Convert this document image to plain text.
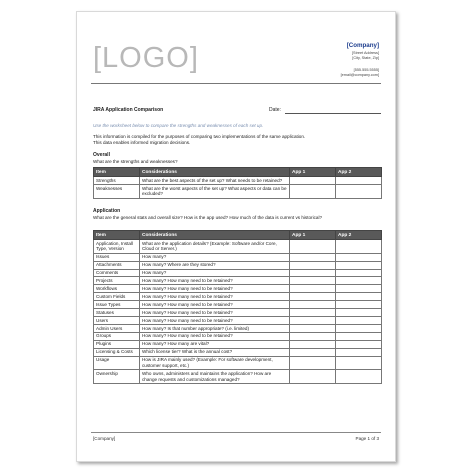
[LOGO]	[Company]
[Street Address]
[City, State, Zip]
[555.555.5555]
[email@company.com]
JIRA Application Comparison	Date:
Use the worksheet below to compare the strengths and weaknesses of each set up.
This information is compiled for the purposes of comparing two implementations of the same application.
This data enables informed migration decisions.
Overall
What are the strengths and weaknesses?
Item	Considerations	App 1	App 2
Strengths	What are the best aspects of the set up? What needs to be retained?		
Weaknesses	What are the worst aspects of the set up? What aspects or data can be excluded?		
Application
What are the general stats and overall size? How is the app used? How much of the data is current vs historical?
Item	Considerations	App 1	App 2
Application, Install Type, Version	What are the application details? (Example: Software and/or Core, Cloud or Server.)		
Issues	How many?		
Attachments	How many? Where are they stored?		
Comments	How many?		
Projects	How many? How many need to be retained?		
Workflows	How many? How many need to be retained?		
Custom Fields	How many? How many need to be retained?		
Issue Types	How many? How many need to be retained?		
Statuses	How many? How many need to be retained?		
Users	How many? How many need to be retained?		
Admin Users	How many? Is that number appropriate? (i.e. limited)		
Groups	How many? How many need to be retained?		
Plugins	How many? How many are vital?		
Licensing & Costs	Which license tier? What is the annual cost?		
Usage	How is JIRA mainly used? (Example: For software development, customer support, etc.)		
Ownership	Who owns, administers and maintains the application? How are change requests and customizations managed?		
[Company]	Page 1 of 3
